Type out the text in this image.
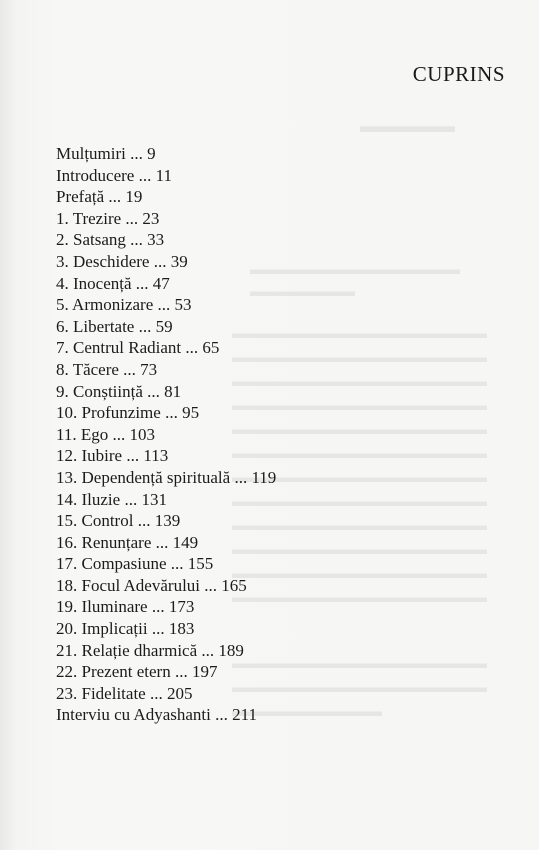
▬▬▬▬▬
▬▬▬▬▬▬▬▬▬▬▬▬▬▬
▬▬▬▬▬▬▬
▬▬▬▬▬▬▬▬▬▬▬▬▬▬▬▬▬
▬▬▬▬▬▬▬▬▬▬▬▬▬▬▬▬▬
▬▬▬▬▬▬▬▬▬▬▬▬▬▬▬▬▬
▬▬▬▬▬▬▬▬▬▬▬▬▬▬▬▬▬
▬▬▬▬▬▬▬▬▬▬▬▬▬▬▬▬▬
▬▬▬▬▬▬▬▬▬▬▬▬▬▬▬▬▬
▬▬▬▬▬▬▬▬▬▬▬▬▬▬▬▬▬
▬▬▬▬▬▬▬▬▬▬▬▬▬▬▬▬▬
▬▬▬▬▬▬▬▬▬▬▬▬▬▬▬▬▬
▬▬▬▬▬▬▬▬▬▬▬▬▬▬▬▬▬
▬▬▬▬▬▬▬▬▬▬▬▬▬▬▬▬▬
▬▬▬▬▬▬▬▬▬▬▬▬▬▬▬▬▬
▬▬▬▬▬▬▬▬▬▬▬▬▬▬▬▬▬
▬▬▬▬▬▬▬▬▬▬▬▬▬▬▬▬▬
▬▬▬▬▬▬▬▬▬▬
CUPRINS
Mulțumiri ... 9
Introducere ... 11
Prefață ... 19
1. Trezire ... 23
2. Satsang ... 33
3. Deschidere ... 39
4. Inocență ... 47
5. Armonizare ... 53
6. Libertate ... 59
7. Centrul Radiant ... 65
8. Tăcere ... 73
9. Conștiință ... 81
10. Profunzime ... 95
11. Ego ... 103
12. Iubire ... 113
13. Dependență spirituală ... 119
14. Iluzie ... 131
15. Control ... 139
16. Renunțare ... 149
17. Compasiune ... 155
18. Focul Adevărului ... 165
19. Iluminare ... 173
20. Implicații ... 183
21. Relație dharmică ... 189
22. Prezent etern ... 197
23. Fidelitate ... 205
Interviu cu Adyashanti ... 211
